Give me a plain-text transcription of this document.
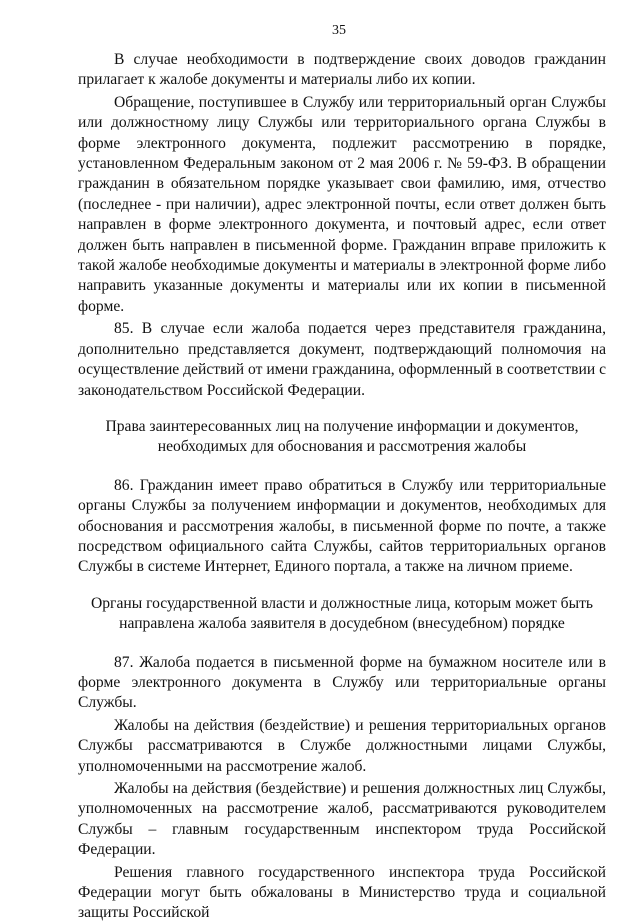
35

В случае необходимости в подтверждение своих доводов гражданин прилагает к жалобе документы и материалы либо их копии.

Обращение, поступившее в Службу или территориальный орган Службы или должностному лицу Службы или территориального органа Службы в форме электронного документа, подлежит рассмотрению в порядке, установленном Федеральным законом от 2 мая 2006 г. № 59-ФЗ. В обращении гражданин в обязательном порядке указывает свои фамилию, имя, отчество (последнее - при наличии), адрес электронной почты, если ответ должен быть направлен в форме электронного документа, и почтовый адрес, если ответ должен быть направлен в письменной форме. Гражданин вправе приложить к такой жалобе необходимые документы и материалы в электронной форме либо направить указанные документы и материалы или их копии в письменной форме.

85. В случае если жалоба подается через представителя гражданина, дополнительно представляется документ, подтверждающий полномочия на осуществление действий от имени гражданина, оформленный в соответствии с законодательством Российской Федерации.

Права заинтересованных лиц на получение информации и документов, необходимых для обоснования и рассмотрения жалобы

86. Гражданин имеет право обратиться в Службу или территориальные органы Службы за получением информации и документов, необходимых для обоснования и рассмотрения жалобы, в письменной форме по почте, а также посредством официального сайта Службы, сайтов территориальных органов Службы в системе Интернет, Единого портала, а также на личном приеме.

Органы государственной власти и должностные лица, которым может быть направлена жалоба заявителя в досудебном (внесудебном) порядке

87. Жалоба подается в письменной форме на бумажном носителе или в форме электронного документа в Службу или территориальные органы Службы.

Жалобы на действия (бездействие) и решения территориальных органов Службы рассматриваются в Службе должностными лицами Службы, уполномоченными на рассмотрение жалоб.

Жалобы на действия (бездействие) и решения должностных лиц Службы, уполномоченных на рассмотрение жалоб, рассматриваются руководителем Службы – главным государственным инспектором труда Российской Федерации.

Решения главного государственного инспектора труда Российской Федерации могут быть обжалованы в Министерство труда и социальной защиты Российской
